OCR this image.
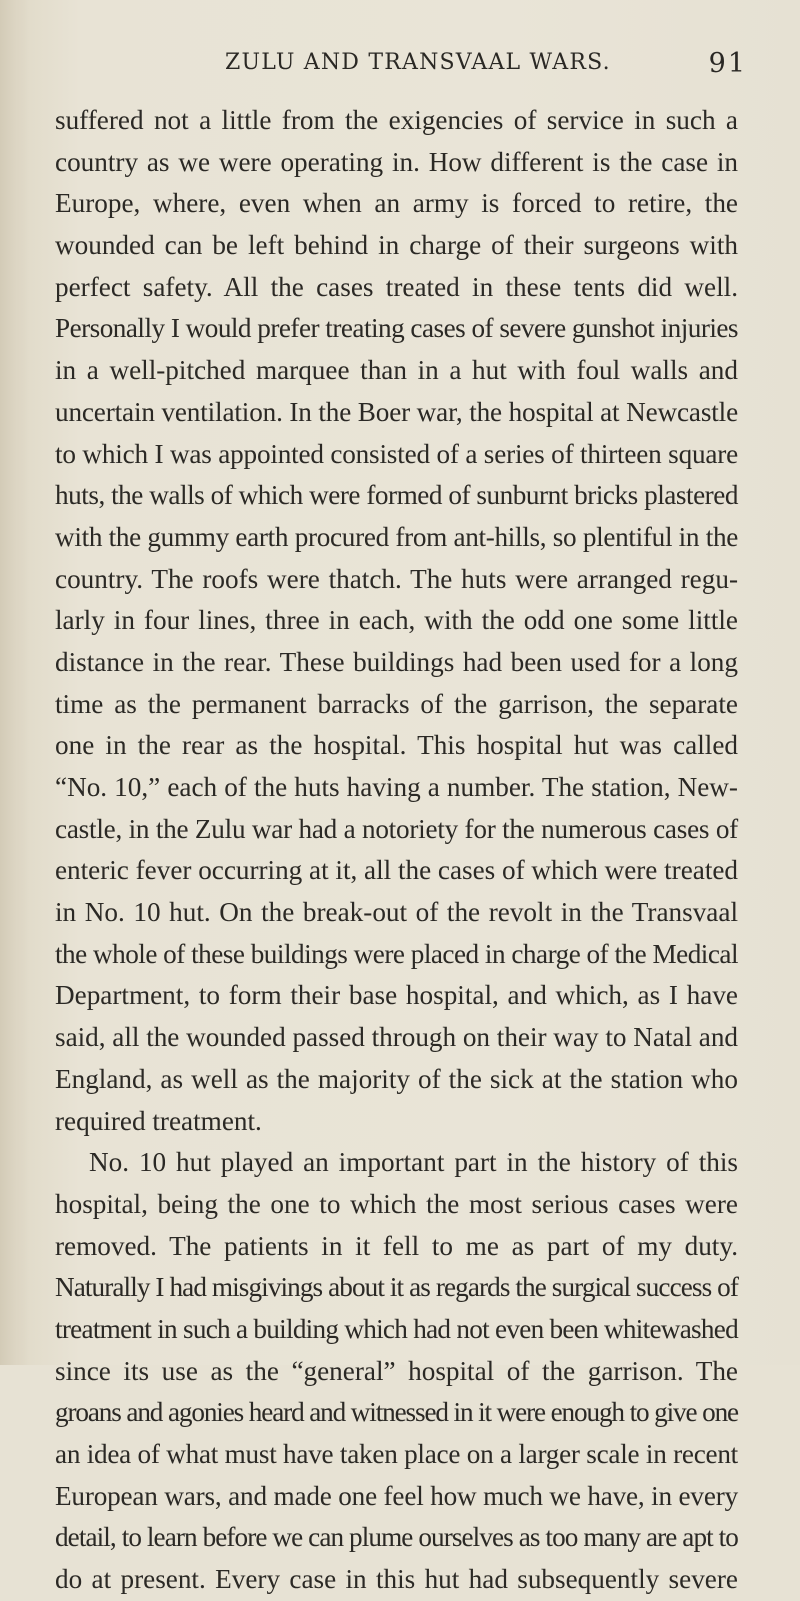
ZULU AND TRANSVAAL WARS.	91
suffered not a little from the exigencies of service in such a
country as we were operating in. How different is the case in
Europe, where, even when an army is forced to retire, the
wounded can be left behind in charge of their surgeons with
perfect safety. All the cases treated in these tents did well.
Personally I would prefer treating cases of severe gunshot injuries
in a well-pitched marquee than in a hut with foul walls and
uncertain ventilation. In the Boer war, the hospital at Newcastle
to which I was appointed consisted of a series of thirteen square
huts, the walls of which were formed of sunburnt bricks plastered
with the gummy earth procured from ant-hills, so plentiful in the
country. The roofs were thatch. The huts were arranged regu-
larly in four lines, three in each, with the odd one some little
distance in the rear. These buildings had been used for a long
time as the permanent barracks of the garrison, the separate
one in the rear as the hospital. This hospital hut was called
“No. 10,” each of the huts having a number. The station, New-
castle, in the Zulu war had a notoriety for the numerous cases of
enteric fever occurring at it, all the cases of which were treated
in No. 10 hut. On the break-out of the revolt in the Transvaal
the whole of these buildings were placed in charge of the Medical
Department, to form their base hospital, and which, as I have
said, all the wounded passed through on their way to Natal and
England, as well as the majority of the sick at the station who
required treatment.
No. 10 hut played an important part in the history of this
hospital, being the one to which the most serious cases were
removed. The patients in it fell to me as part of my duty.
Naturally I had misgivings about it as regards the surgical success of
treatment in such a building which had not even been whitewashed
since its use as the “general” hospital of the garrison. The
groans and agonies heard and witnessed in it were enough to give one
an idea of what must have taken place on a larger scale in recent
European wars, and made one feel how much we have, in every
detail, to learn before we can plume ourselves as too many are apt to
do at present. Every case in this hut had subsequently severe
